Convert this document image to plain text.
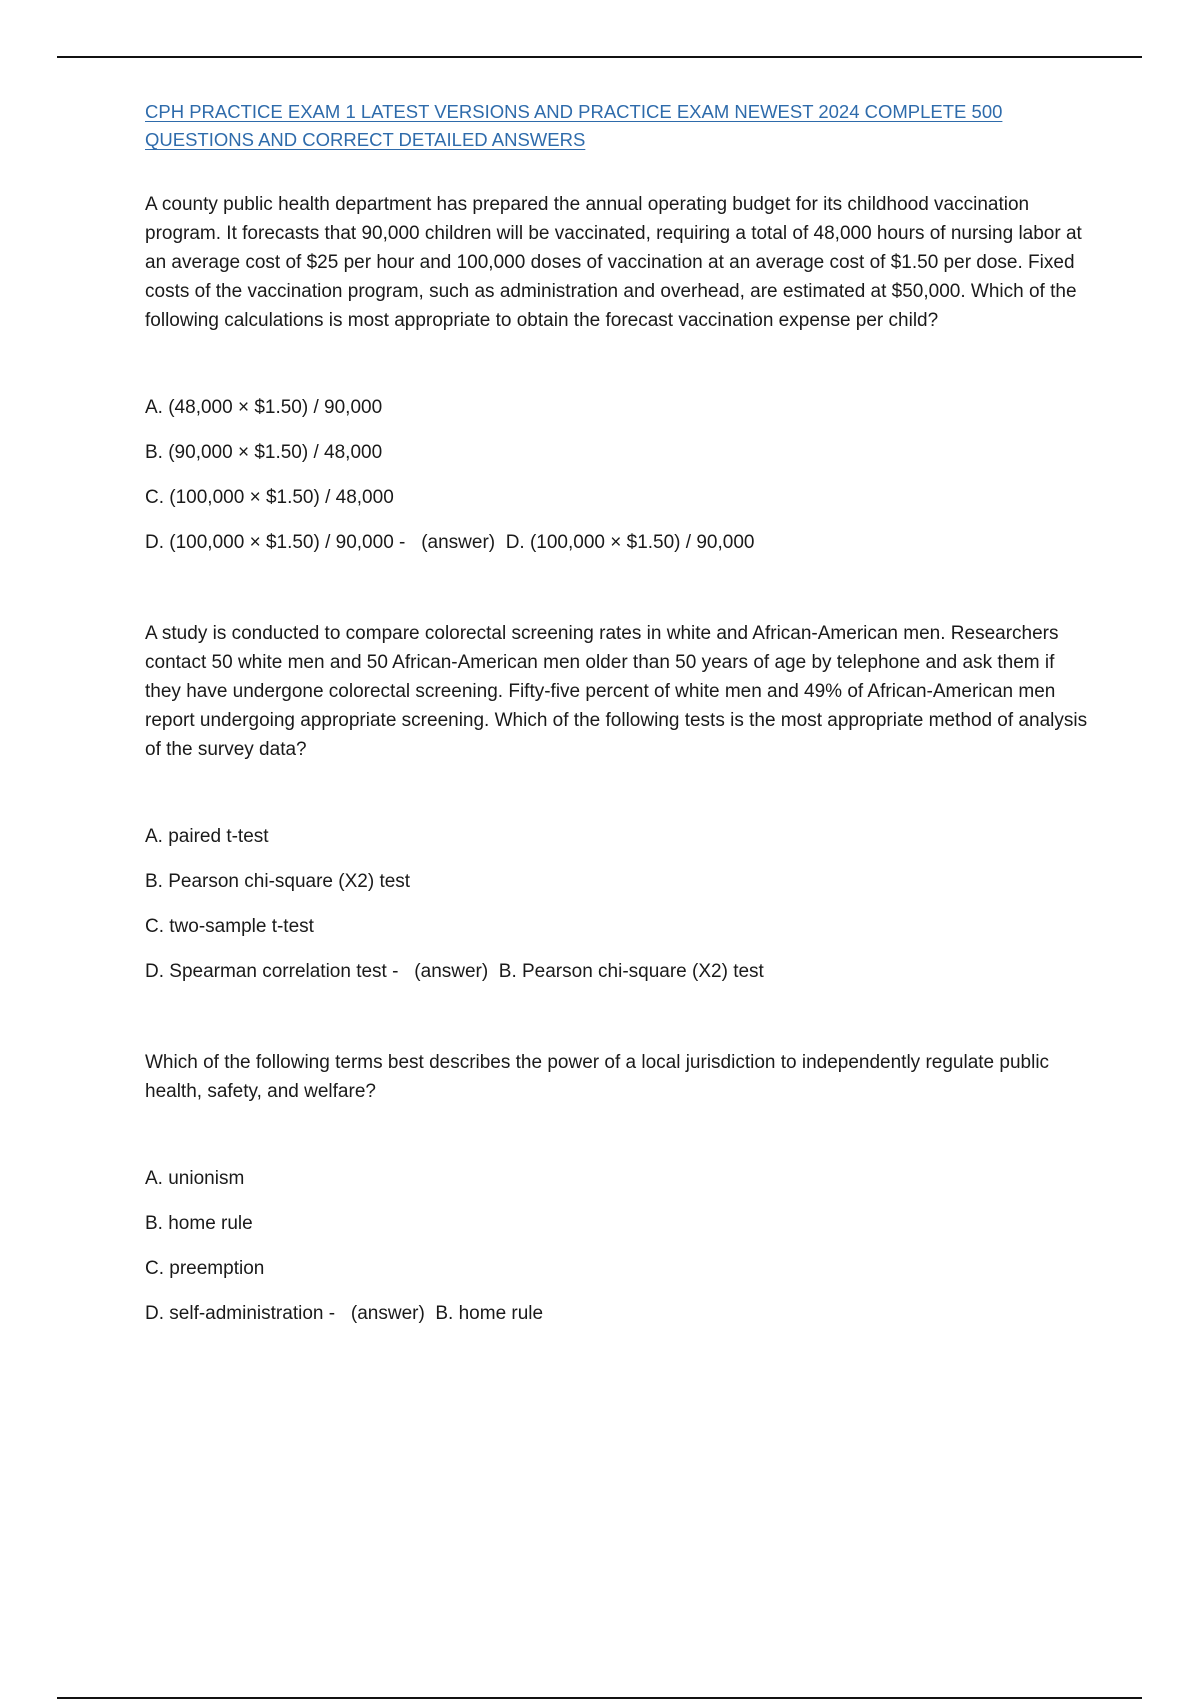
CPH PRACTICE EXAM 1 LATEST VERSIONS AND PRACTICE EXAM NEWEST 2024 COMPLETE 500
QUESTIONS AND CORRECT DETAILED ANSWERS

A county public health department has prepared the annual operating budget for its childhood vaccination program. It forecasts that 90,000 children will be vaccinated, requiring a total of 48,000 hours of nursing labor at an average cost of $25 per hour and 100,000 doses of vaccination at an average cost of $1.50 per dose. Fixed costs of the vaccination program, such as administration and overhead, are estimated at $50,000. Which of the following calculations is most appropriate to obtain the forecast vaccination expense per child?

A. (48,000 × $1.50) / 90,000
B. (90,000 × $1.50) / 48,000
C. (100,000 × $1.50) / 48,000
D. (100,000 × $1.50) / 90,000 -   (answer) D. (100,000 × $1.50) / 90,000

A study is conducted to compare colorectal screening rates in white and African-American men. Researchers contact 50 white men and 50 African-American men older than 50 years of age by telephone and ask them if they have undergone colorectal screening. Fifty-five percent of white men and 49% of African-American men report undergoing appropriate screening. Which of the following tests is the most appropriate method of analysis of the survey data?

A. paired t-test
B. Pearson chi-square (X2) test
C. two-sample t-test
D. Spearman correlation test -   (answer) B. Pearson chi-square (X2) test

Which of the following terms best describes the power of a local jurisdiction to independently regulate public health, safety, and welfare?

A. unionism
B. home rule
C. preemption
D. self-administration -   (answer) B. home rule
